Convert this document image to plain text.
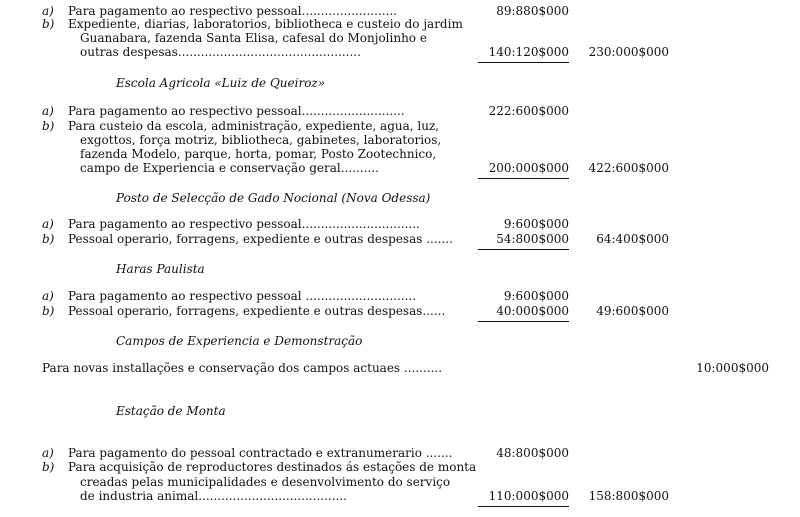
Escola Agricola «Luiz de Queiroz»
Posto de Selecção de Gado Nocional (Nova Odessa)
Haras Paulista
Campos de Experiencia e Demonstração
Estação de Monta
a)	Para pagamento ao respectivo pessoal.........................	89:880$000
b)	Expediente, diarias, laboratorios, bibliotheca e custeio do jardim
Guanabara, fazenda Santa Elisa, cafesal do Monjolinho e
outras despesas................................................	140:120$000	230:000$000
a)	Para pagamento ao respectivo pessoal...........................	222:600$000
b)	Para custeio da escola, administração, expediente, agua, luz,
exgottos, força motriz, bibliotheca, gabinetes, laboratorios,
fazenda Modelo, parque, horta, pomar, Posto Zootechnico,
campo de Experiencia e conservação geral..........	200:000$000	422:600$000
a)	Para pagamento ao respectivo pessoal...............................	9:600$000
b)	Pessoal operario, forragens, expediente e outras despesas .......	54:800$000	64:400$000
a)	Para pagamento ao respectivo pessoal .............................	9:600$000
b)	Pessoal operario, forragens, expediente e outras despesas......	40:000$000	49:600$000
Para novas installações e conservação dos campos actuaes ..........	10:000$000
a)	Para pagamento do pessoal contractado e extranumerario .......	48:800$000
b)	Para acquisição de reproductores destinados ás estações de monta
creadas pelas municipalidades e desenvolvimento do serviço
de industria animal.......................................	110:000$000	158:800$000
